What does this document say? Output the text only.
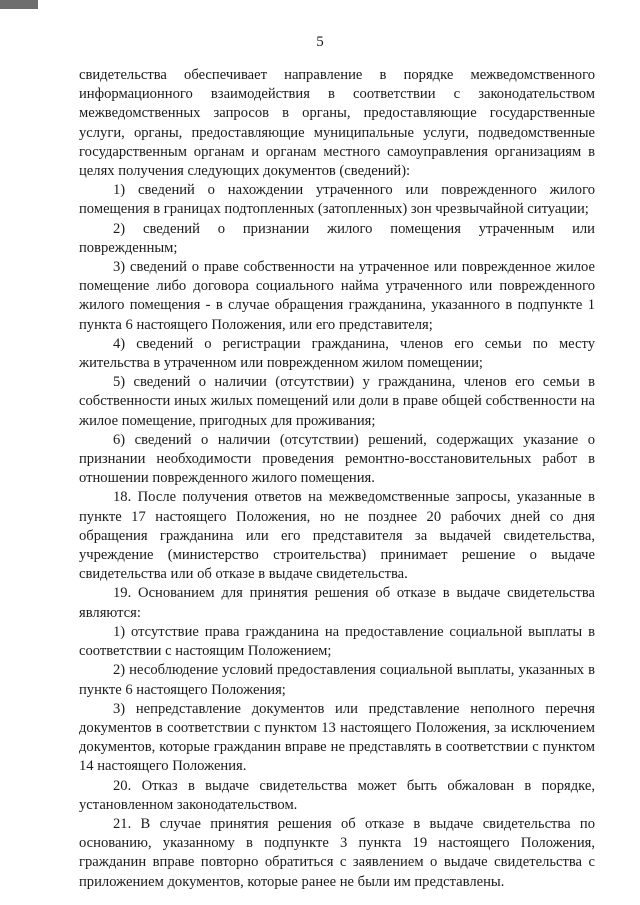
5

свидетельства обеспечивает направление в порядке межведомственного информационного взаимодействия в соответствии с законодательством межведомственных запросов в органы, предоставляющие государственные услуги, органы, предоставляющие муниципальные услуги, подведомственные государственным органам и органам местного самоуправления организациям в целях получения следующих документов (сведений):

1) сведений о нахождении утраченного или поврежденного жилого помещения в границах подтопленных (затопленных) зон чрезвычайной ситуации;

2) сведений о признании жилого помещения утраченным или поврежденным;

3) сведений о праве собственности на утраченное или поврежденное жилое помещение либо договора социального найма утраченного или поврежденного жилого помещения - в случае обращения гражданина, указанного в подпункте 1 пункта 6 настоящего Положения, или его представителя;

4) сведений о регистрации гражданина, членов его семьи по месту жительства в утраченном или поврежденном жилом помещении;

5) сведений о наличии (отсутствии) у гражданина, членов его семьи в собственности иных жилых помещений или доли в праве общей собственности на жилое помещение, пригодных для проживания;

6) сведений о наличии (отсутствии) решений, содержащих указание о признании необходимости проведения ремонтно-восстановительных работ в отношении поврежденного жилого помещения.

18. После получения ответов на межведомственные запросы, указанные в пункте 17 настоящего Положения, но не позднее 20 рабочих дней со дня обращения гражданина или его представителя за выдачей свидетельства, учреждение (министерство строительства) принимает решение о выдаче свидетельства или об отказе в выдаче свидетельства.

19. Основанием для принятия решения об отказе в выдаче свидетельства являются:

1) отсутствие права гражданина на предоставление социальной выплаты в соответствии с настоящим Положением;

2) несоблюдение условий предоставления социальной выплаты, указанных в пункте 6 настоящего Положения;

3) непредставление документов или представление неполного перечня документов в соответствии с пунктом 13 настоящего Положения, за исключением документов, которые гражданин вправе не представлять в соответствии с пунктом 14 настоящего Положения.

20. Отказ в выдаче свидетельства может быть обжалован в порядке, установленном законодательством.

21. В случае принятия решения об отказе в выдаче свидетельства по основанию, указанному в подпункте 3 пункта 19 настоящего Положения, гражданин вправе повторно обратиться с заявлением о выдаче свидетельства с приложением документов, которые ранее не были им представлены.
